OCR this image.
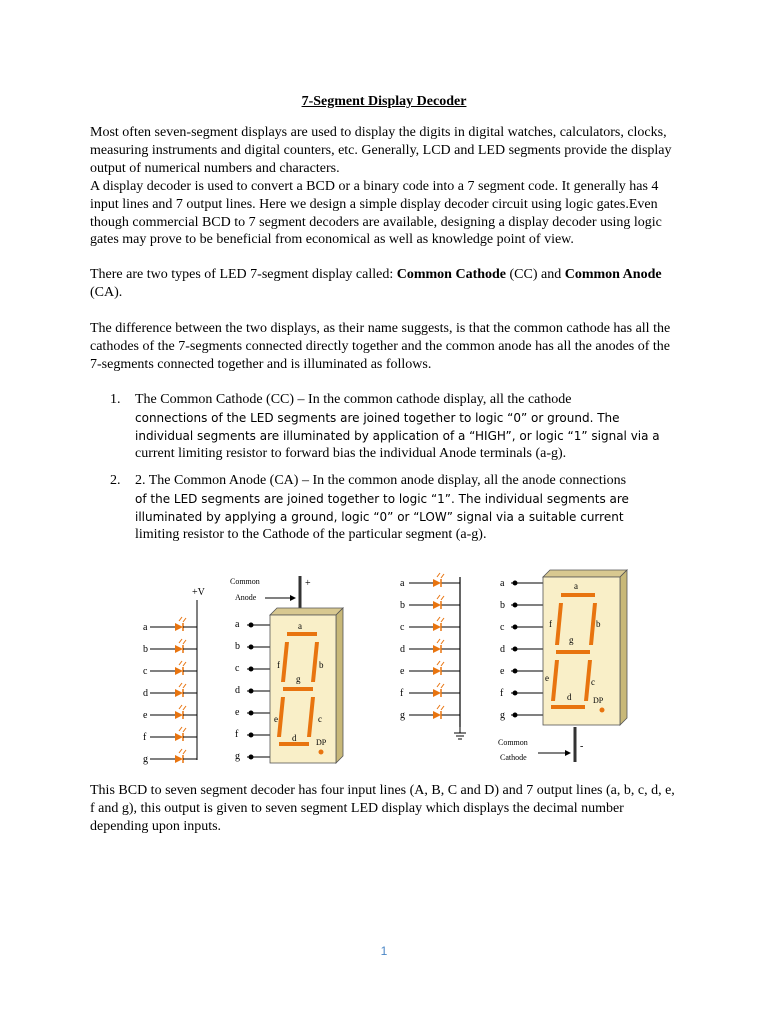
7-Segment Display Decoder

Most often seven-segment displays are used to display the digits in digital watches, calculators, clocks, measuring instruments and digital counters, etc. Generally, LCD and LED segments provide the display output of numerical numbers and characters.

A display decoder is used to convert a BCD or a binary code into a 7 segment code. It generally has 4 input lines and 7 output lines. Here we design a simple display decoder circuit using logic gates.Even though commercial BCD to 7 segment decoders are available, designing a display decoder using logic gates may prove to be beneficial from economical as well as knowledge point of view.

There are two types of LED 7-segment display called: Common Cathode (CC) and Common Anode (CA).

The difference between the two displays, as their name suggests, is that the common cathode has all the cathodes of the 7-segments connected directly together and the common anode has all the anodes of the 7-segments connected together and is illuminated as follows.

1. The Common Cathode (CC) – In the common cathode display, all the cathode
connections of the LED segments are joined together to logic “0” or ground. The individual segments are illuminated by application of a “HIGH”, or logic “1” signal via a
current limiting resistor to forward bias the individual Anode terminals (a-g).
2. 2. The Common Anode (CA) – In the common anode display, all the anode connections
of the LED segments are joined together to logic “1”. The individual segments are illuminated by applying a ground, logic “0” or “LOW” signal via a suitable current
limiting resistor to the Cathode of the particular segment (a-g).
+V
Common
Anode
+
a
b
c
d
e
f
g
a
b
c
d
e
f
g
a
b
c
d
e
f
g
DP
a
b
c
d
e
f
g
a
b
c
d
e
f
g
a
b
c
d
e
f
g
DP
-
Common
Cathode

This BCD to seven segment decoder has four input lines (A, B, C and D) and 7 output lines (a, b, c, d, e, f and g), this output is given to seven segment LED display which displays the decimal number depending upon inputs.

1
